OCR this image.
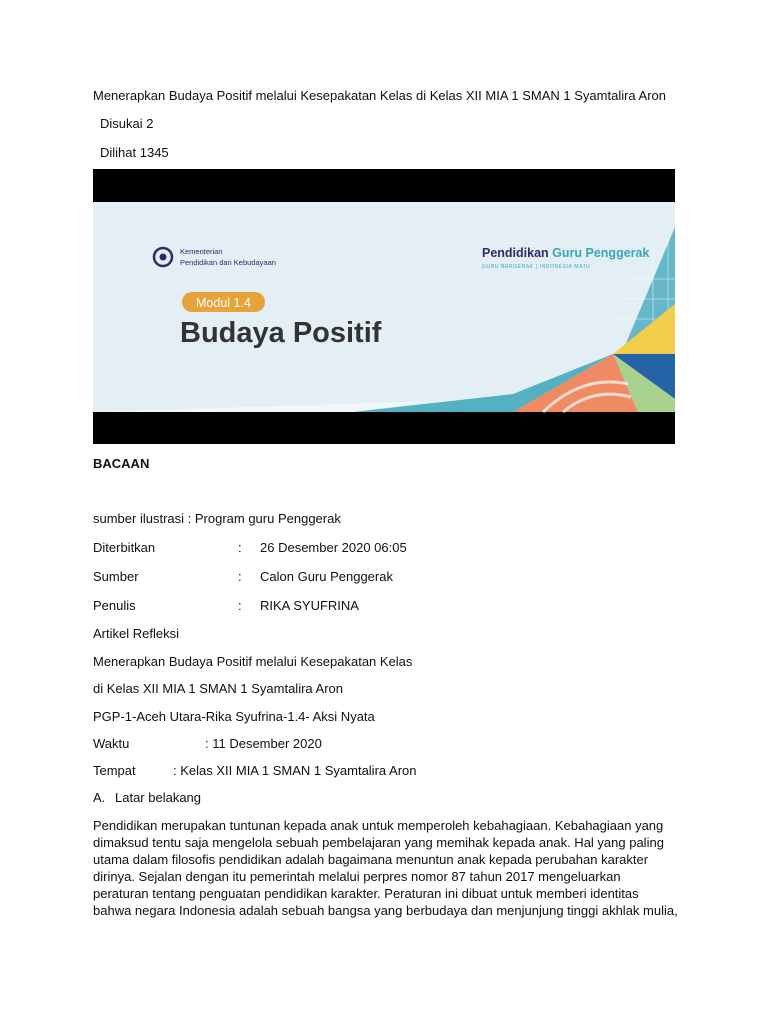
Menerapkan Budaya Positif melalui Kesepakatan Kelas di Kelas XII MIA 1 SMAN 1 Syamtalira Aron
Disukai 2
Dilihat 1345
Kementerian
Pendidikan dan Kebudayaan
Pendidikan Guru Penggerak
GURU BERGERAK | INDONESIA MAJU
Modul 1.4
Budaya Positif
BACAAN
sumber ilustrasi : Program guru Penggerak
Diterbitkan	: 26 Desember 2020 06:05
Sumber	: Calon Guru Penggerak
Penulis	: RIKA SYUFRINA
Artikel Refleksi
Menerapkan Budaya Positif melalui Kesepakatan Kelas
di Kelas XII MIA 1 SMAN 1 Syamtalira Aron
PGP-1-Aceh Utara-Rika Syufrina-1.4- Aksi Nyata
Waktu	: 11 Desember 2020
Tempat	: Kelas XII MIA 1 SMAN 1 Syamtalira Aron
A. Latar belakang
Pendidikan merupakan tuntunan kepada anak untuk memperoleh kebahagiaan. Kebahagiaan yang
dimaksud tentu saja mengelola sebuah pembelajaran yang memihak kepada anak. Hal yang paling
utama dalam filosofis pendidikan adalah bagaimana menuntun anak kepada perubahan karakter
dirinya. Sejalan dengan itu pemerintah melalui perpres nomor 87 tahun 2017 mengeluarkan
peraturan tentang penguatan pendidikan karakter. Peraturan ini dibuat untuk memberi identitas
bahwa negara Indonesia adalah sebuah bangsa yang berbudaya dan menjunjung tinggi akhlak mulia,
